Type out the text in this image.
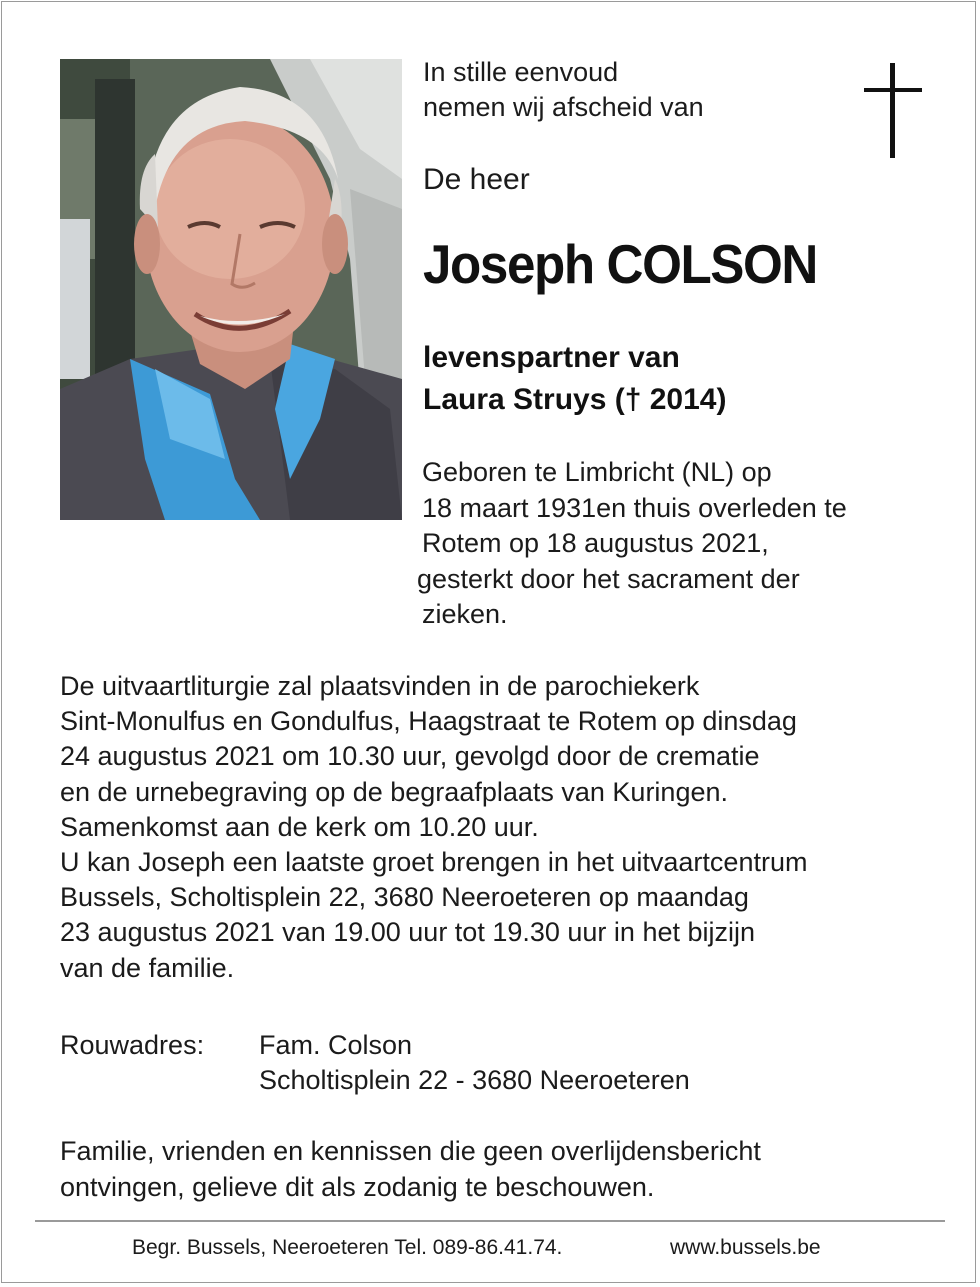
In stille eenvoud
nemen wij afscheid van
De heer
Joseph COLSON
levenspartner van
Laura Struys († 2014)
Geboren te Limbricht (NL) op
18 maart 1931en thuis overleden te
Rotem op 18 augustus 2021,
gesterkt door het sacrament der
zieken.
De uitvaartliturgie zal plaatsvinden in de parochiekerk
Sint-Monulfus en Gondulfus, Haagstraat te Rotem op dinsdag
24 augustus 2021 om 10.30 uur, gevolgd door de crematie
en de urnebegraving op de begraafplaats van Kuringen.
Samenkomst aan de kerk om 10.20 uur.
U kan Joseph een laatste groet brengen in het uitvaartcentrum
Bussels, Scholtisplein 22, 3680 Neeroeteren op maandag
23 augustus 2021 van 19.00 uur tot 19.30 uur in het bijzijn
van de familie.
Rouwadres: Fam. Colson
Scholtisplein 22 - 3680 Neeroeteren
Familie, vrienden en kennissen die geen overlijdensbericht
ontvingen, gelieve dit als zodanig te beschouwen.
Begr. Bussels, Neeroeteren Tel. 089-86.41.74.	www.bussels.be
